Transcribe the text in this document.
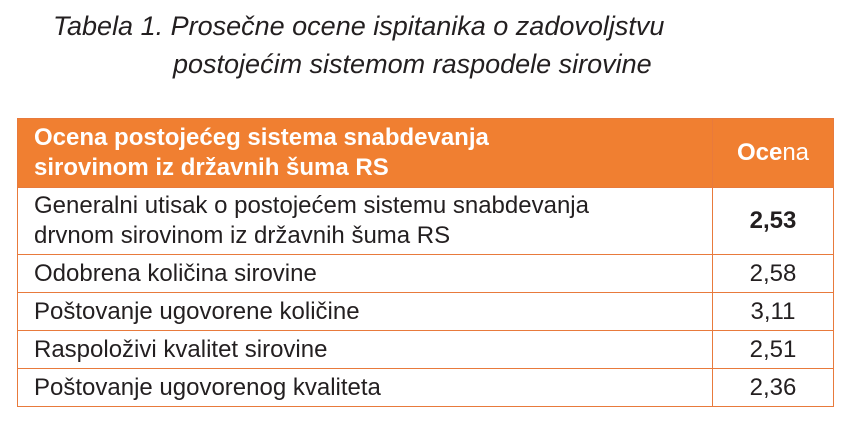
Tabela 1. Prosečne ocene ispitanika o zadovoljstvu
postojećim sistemom raspodele sirovine
Ocena postojećeg sistema snabdevanja
sirovinom iz državnih šuma RS	Ocena
Generalni utisak o postojećem sistemu snabdevanja
drvnom sirovinom iz državnih šuma RS	2,53
Odobrena količina sirovine	2,58
Poštovanje ugovorene količine	3,11
Raspoloživi kvalitet sirovine	2,51
Poštovanje ugovorenog kvaliteta	2,36
